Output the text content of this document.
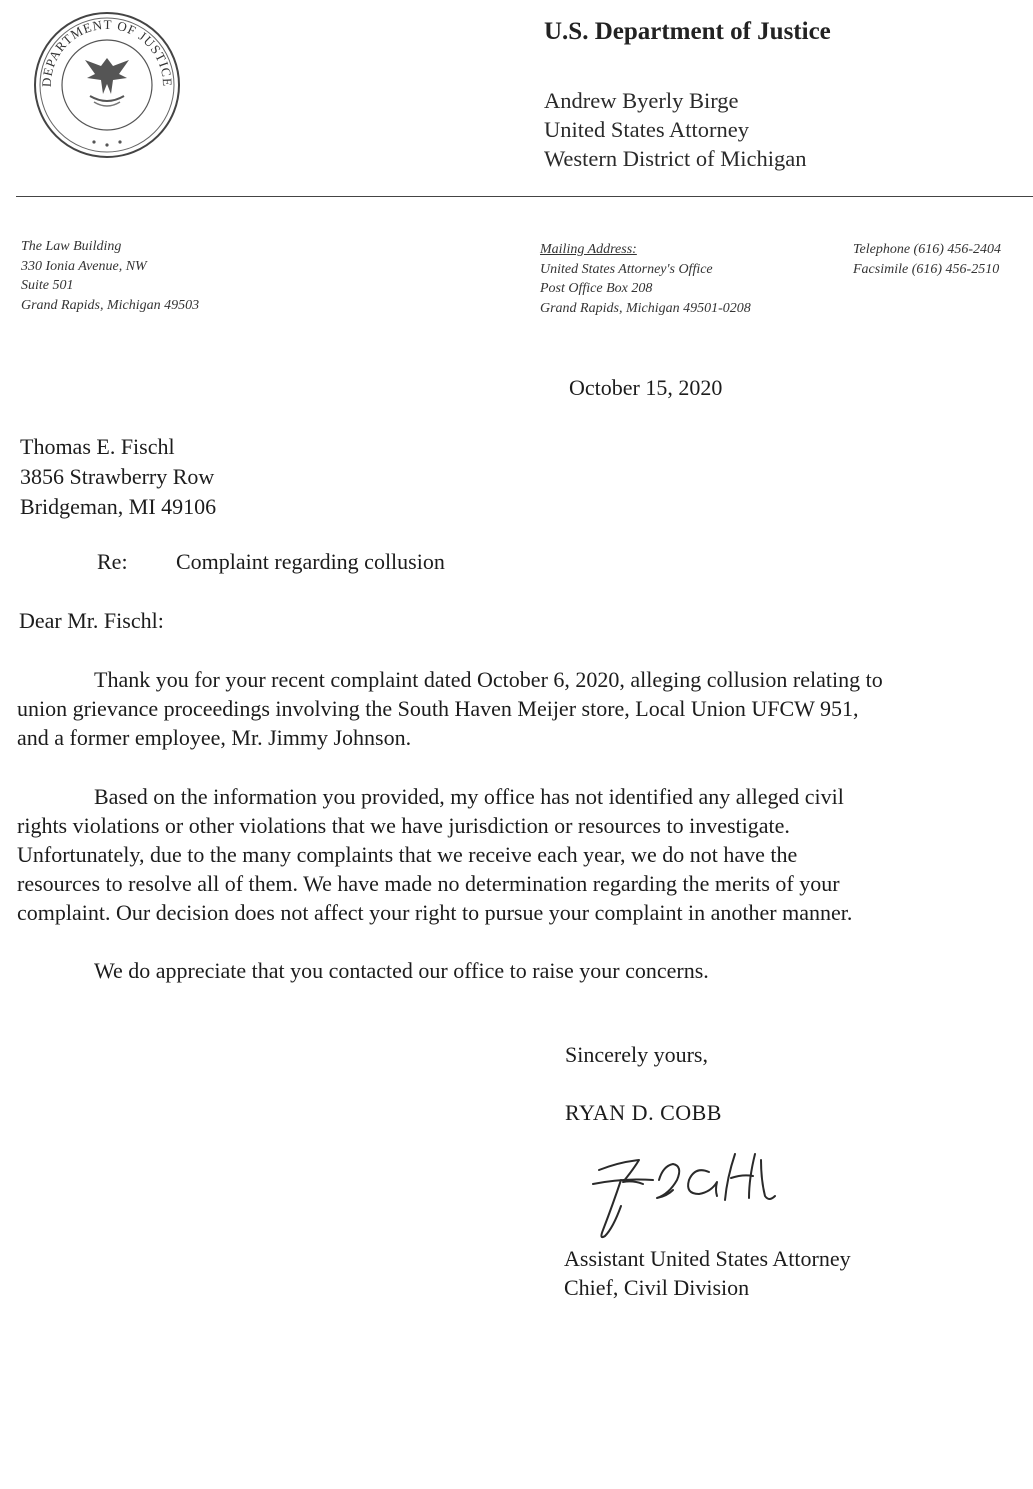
DEPARTMENT OF JUSTICE
U.S. Department of Justice
Andrew Byerly Birge
United States Attorney
Western District of Michigan
The Law Building
330 Ionia Avenue, NW
Suite 501
Grand Rapids, Michigan 49503
Mailing Address:
United States Attorney's Office
Post Office Box 208
Grand Rapids, Michigan 49501-0208
Telephone (616) 456-2404
Facsimile (616) 456-2510
October 15, 2020
Thomas E. Fischl
3856 Strawberry Row
Bridgeman, MI 49106
Re: Complaint regarding collusion
Dear Mr. Fischl:
Thank you for your recent complaint dated October 6, 2020, alleging collusion relating to
union grievance proceedings involving the South Haven Meijer store, Local Union UFCW 951,
and a former employee, Mr. Jimmy Johnson.
Based on the information you provided, my office has not identified any alleged civil
rights violations or other violations that we have jurisdiction or resources to investigate.
Unfortunately, due to the many complaints that we receive each year, we do not have the
resources to resolve all of them. We have made no determination regarding the merits of your
complaint. Our decision does not affect your right to pursue your complaint in another manner.
We do appreciate that you contacted our office to raise your concerns.
Sincerely yours,
RYAN D. COBB
Assistant United States Attorney
Chief, Civil Division
